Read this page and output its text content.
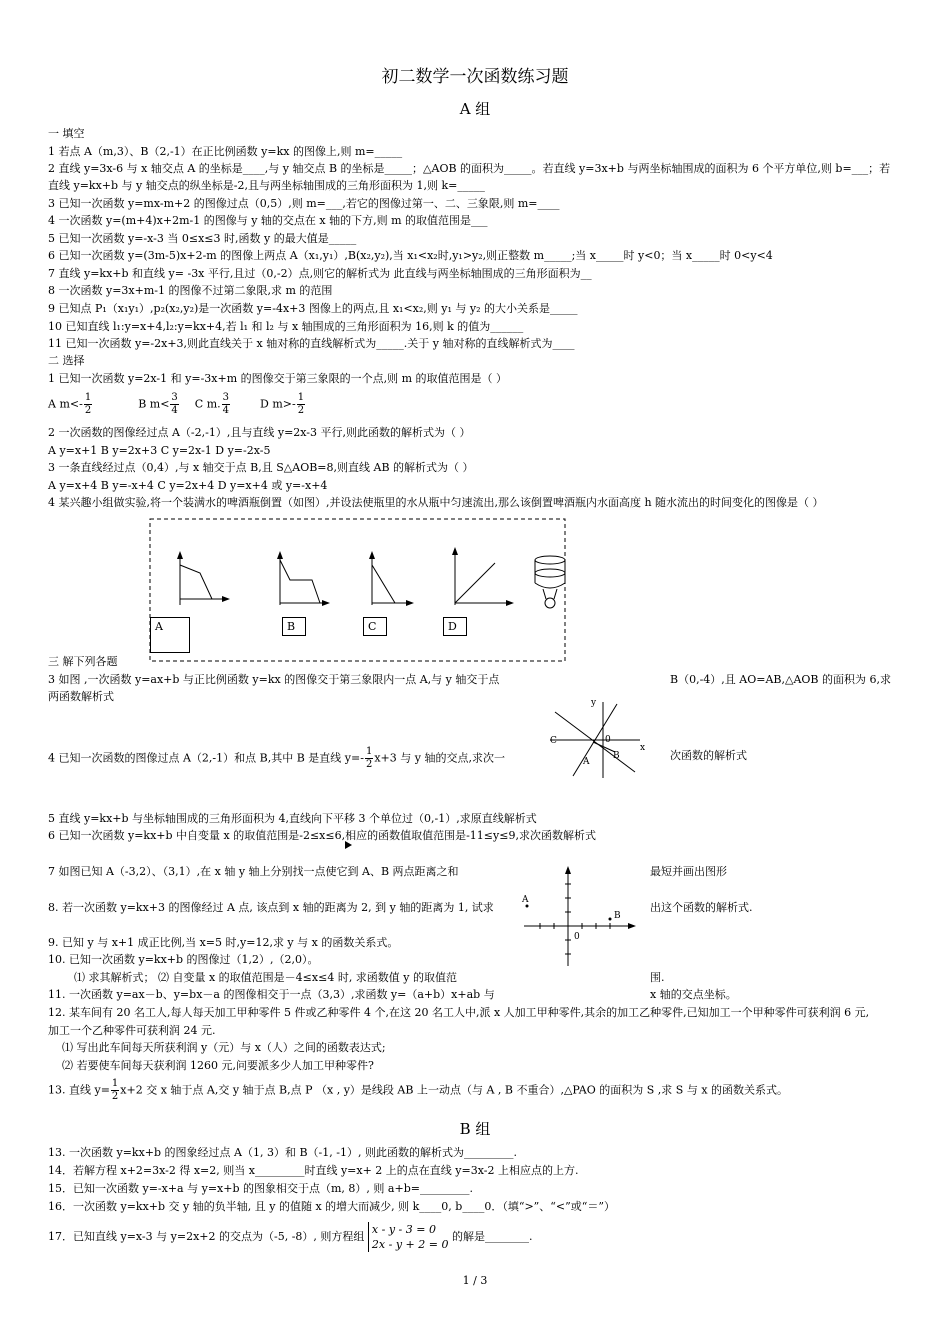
初二数学一次函数练习题
A 组
一 填空
1 若点 A（m,3）、B（2,-1）在正比例函数 y=kx 的图像上,则 m=_____
2 直线 y=3x-6 与 x 轴交点 A 的坐标是____,与 y 轴交点 B 的坐标是_____；△AOB 的面积为_____。若直线 y=3x+b 与两坐标轴围成的面积为 6 个平方单位,则 b=___；若
直线 y=kx+b 与 y 轴交点的纵坐标是-2,且与两坐标轴围成的三角形面积为 1,则 k=_____
3 已知一次函数 y=mx-m+2 的图像过点（0,5）,则 m=___,若它的图像过第一、二、三象限,则 m=____
4 一次函数 y=(m+4)x+2m-1 的图像与 y 轴的交点在 x 轴的下方,则 m 的取值范围是___
5 已知一次函数 y=-x-3 当 0≤x≤3 时,函数 y 的最大值是_____
6 已知一次函数 y=(3m-5)x+2-m 的图像上两点 A（x₁,y₁）,B(x₂,y₂),当 x₁<x₂时,y₁>y₂,则正整数 m_____;当 x_____时 y<0；当 x_____时 0<y<4
7 直线 y=kx+b 和直线 y= -3x 平行,且过（0,-2）点,则它的解析式为 此直线与两坐标轴围成的三角形面积为__
8 一次函数 y=3x+m-1 的图像不过第二象限,求 m 的范围
9 已知点 P₁（x₁y₁）,p₂(x₂,y₂)是一次函数 y=-4x+3 图像上的两点,且 x₁<x₂,则 y₁ 与 y₂ 的大小关系是_____
10 已知直线 l₁:y=x+4,l₂:y=kx+4,若 l₁ 和 l₂ 与 x 轴围成的三角形面积为 16,则 k 的值为______
11 已知一次函数 y=-2x+3,则此直线关于 x 轴对称的直线解析式为_____.关于 y 轴对称的直线解析式为____
二 选择
1 已知一次函数 y=2x-1 和 y=-3x+m 的图像交于第三象限的一个点,则 m 的取值范围是（ ）
A $m<- \frac{1}{2}$	B $m< \frac{3}{4}$ C m. $\frac{3}{4}$	D $m>- \frac{1}{2}$
2 一次函数的图像经过点 A（-2,-1）,且与直线 y=2x-3 平行,则此函数的解析式为（ ）
A y=x+1 B y=2x+3 C y=2x-1 D y=-2x-5
3 一条直线经过点（0,4）,与 x 轴交于点 B,且 S△AOB=8,则直线 AB 的解析式为（ ）
A y=x+4 B y=-x+4 C y=2x+4 D y=x+4 或 y=-x+4
4 某兴趣小组做实验,将一个装满水的啤酒瓶倒置（如图）,并设法使瓶里的水从瓶中匀速流出,那么该倒置啤酒瓶内水面高度 h 随水流出的时间变化的图像是（ ）
A	B	C	D
三 解下列各题
3 如图 ,一次函数 y=ax+b 与正比例函数 y=kx 的图像交于第三象限内一点 A,与 y 轴交于点	B（0,-4）,且 AO=AB,△AOB 的面积为 6,求
两函数解析式	y
x
0
C
A
B
4 已知一次函数的图像过点 A（2,-1）和点 B,其中 B 是直线 $y=- \frac{1}{2} x+3$ 与 y 轴的交点,求次一	次函数的解析式
5 直线 y=kx+b 与坐标轴围成的三角形面积为 4,直线向下平移 3 个单位过（0,-1）,求原直线解析式
6 已知一次函数 y=kx+b 中自变量 x 的取值范围是-2≤x≤6,相应的函数值取值范围是-11≤y≤9,求次函数解析式
7 如图已知 A（-3,2）、（3,1）,在 x 轴 y 轴上分别找一点使它到 A、B 两点距离之和	最短并画出图形
8. 若一次函数 y=kx+3 的图像经过 A 点, 该点到 x 轴的距离为 2, 到 y 轴的距离为 1, 试求	出这个函数的解析式.
A
B
0
9. 已知 y 与 x+1 成正比例,当 x=5 时,y=12,求 y 与 x 的函数关系式。
10. 已知一次函数 y=kx+b 的图像过（1,2）,（2,0）。
⑴ 求其解析式； ⑵ 自变量 x 的取值范围是－4≤x≤4 时, 求函数值 y 的取值范	围.
11. 一次函数 y=ax－b、y=bx－a 的图像相交于一点（3,3）,求函数 y=（a+b）x+ab 与	x 轴的交点坐标。
12. 某车间有 20 名工人,每人每天加工甲种零件 5 件或乙种零件 4 个,在这 20 名工人中,派 x 人加工甲种零件,其余的加工乙种零件,已知加工一个甲种零件可获利润 6 元,
加工一个乙种零件可获利润 24 元.
⑴ 写出此车间每天所获利润 y（元）与 x（人）之间的函数表达式;
⑵ 若要使车间每天获利润 1260 元,问要派多少人加工甲种零件?
13. 直线 $y= \frac{1}{2} x+2$ 交 x 轴于点 A,交 y 轴于点 B,点 P （x , y）是线段 AB 上一动点（与 A , B 不重合）,△PAO 的面积为 S ,求 S 与 x 的函数关系式。
B 组
13. 一次函数 y=kx+b 的图象经过点 A（1, 3）和 B（-1, -1）, 则此函数的解析式为_________.
14．若解方程 x+2=3x-2 得 x=2, 则当 x_________时直线 y=x+ 2 上的点在直线 y=3x-2 上相应点的上方.
15．已知一次函数 y=-x+a 与 y=x+b 的图象相交于点（m, 8）, 则 a+b=_________.
16．一次函数 y=kx+b 交 y 轴的负半轴, 且 y 的值随 x 的增大而减少, 则 k____0, b____0．（填“>”、“<”或“＝”）
17．已知直线 y=x-3 与 y=2x+2 的交点为（-5, -8）, 则方程组
x - y - 3 = 0
2x - y + 2 = 0
的解是________.
1 / 3
